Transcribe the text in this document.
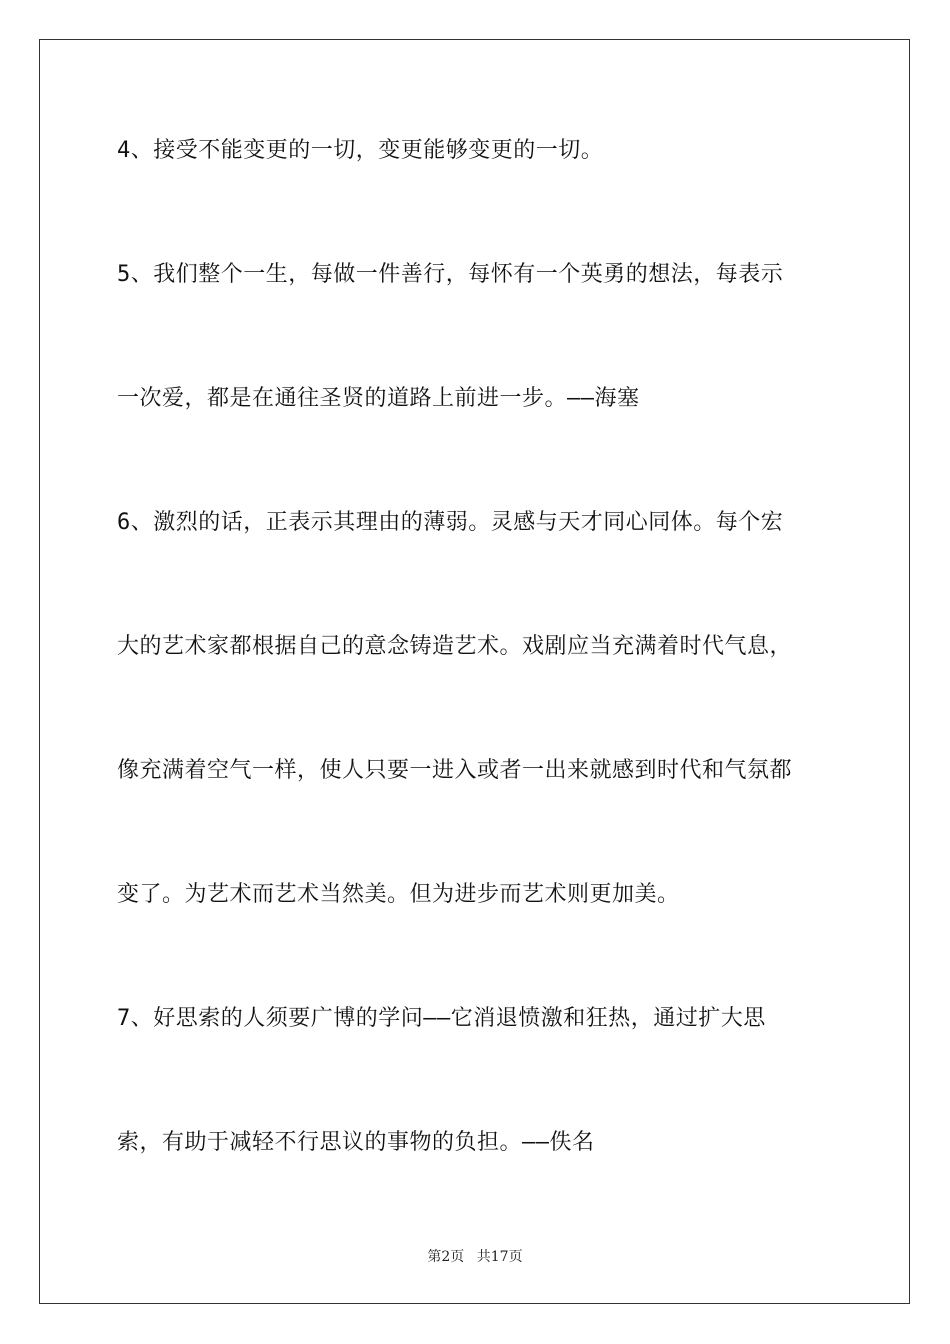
4、接受不能变更的一切，变更能够变更的一切。
5、我们整个一生，每做一件善行，每怀有一个英勇的想法，每表示
一次爱，都是在通往圣贤的道路上前进一步。——海塞
6、激烈的话，正表示其理由的薄弱。灵感与天才同心同体。每个宏
大的艺术家都根据自己的意念铸造艺术。戏剧应当充满着时代气息，
像充满着空气一样，使人只要一进入或者一出来就感到时代和气氛都
变了。为艺术而艺术当然美。但为进步而艺术则更加美。
7、好思索的人须要广博的学问——它消退愤激和狂热，通过扩大思
索，有助于减轻不行思议的事物的负担。——佚名
第2页 共17页
